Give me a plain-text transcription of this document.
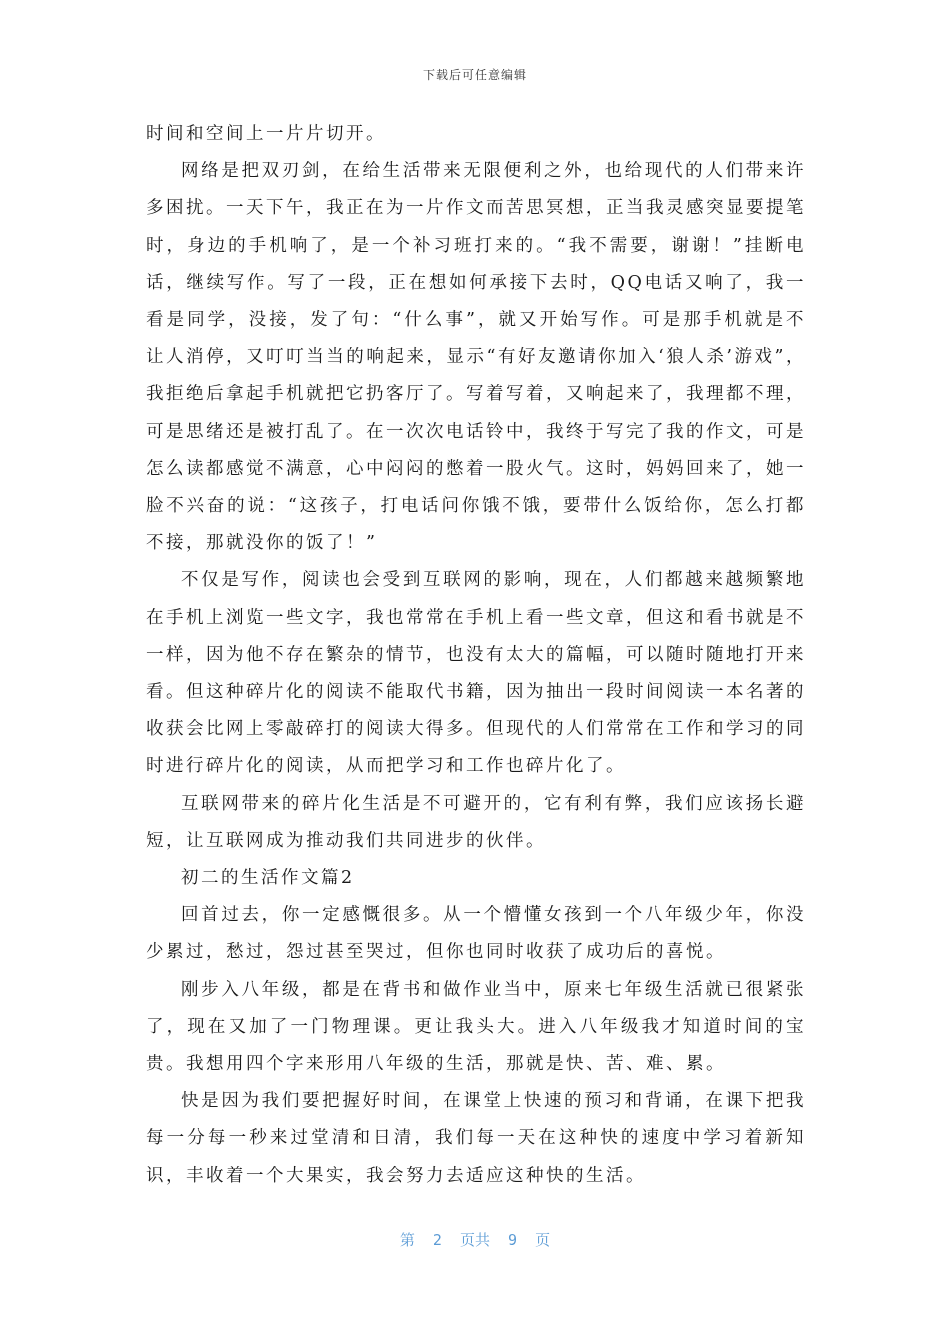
下载后可任意编辑

时间和空间上一片片切开。

网络是把双刃剑，在给生活带来无限便利之外，也给现代的人们带来许多困扰。一天下午，我正在为一片作文而苦思冥想，正当我灵感突显要提笔时，身边的手机响了，是一个补习班打来的。“我不需要，谢谢！”挂断电话，继续写作。写了一段，正在想如何承接下去时，QQ电话又响了，我一看是同学，没接，发了句：“什么事”，就又开始写作。可是那手机就是不让人消停，又叮叮当当的响起来，显示“有好友邀请你加入‘狼人杀’游戏”，我拒绝后拿起手机就把它扔客厅了。写着写着，又响起来了，我理都不理，可是思绪还是被打乱了。在一次次电话铃中，我终于写完了我的作文，可是怎么读都感觉不满意，心中闷闷的憋着一股火气。这时，妈妈回来了，她一脸不兴奋的说：“这孩子，打电话问你饿不饿，要带什么饭给你，怎么打都不接，那就没你的饭了！”

不仅是写作，阅读也会受到互联网的影响，现在，人们都越来越频繁地在手机上浏览一些文字，我也常常在手机上看一些文章，但这和看书就是不一样，因为他不存在繁杂的情节，也没有太大的篇幅，可以随时随地打开来看。但这种碎片化的阅读不能取代书籍，因为抽出一段时间阅读一本名著的收获会比网上零敲碎打的阅读大得多。但现代的人们常常在工作和学习的同时进行碎片化的阅读，从而把学习和工作也碎片化了。

互联网带来的碎片化生活是不可避开的，它有利有弊，我们应该扬长避短，让互联网成为推动我们共同进步的伙伴。

初二的生活作文篇2

回首过去，你一定感慨很多。从一个懵懂女孩到一个八年级少年，你没少累过，愁过，怨过甚至哭过，但你也同时收获了成功后的喜悦。

刚步入八年级，都是在背书和做作业当中，原来七年级生活就已很紧张了，现在又加了一门物理课。更让我头大。进入八年级我才知道时间的宝贵。我想用四个字来形用八年级的生活，那就是快、苦、难、累。

快是因为我们要把握好时间，在课堂上快速的预习和背诵，在课下把我每一分每一秒来过堂清和日清，我们每一天在这种快的速度中学习着新知识，丰收着一个大果实，我会努力去适应这种快的生活。

第  2  页共  9  页
